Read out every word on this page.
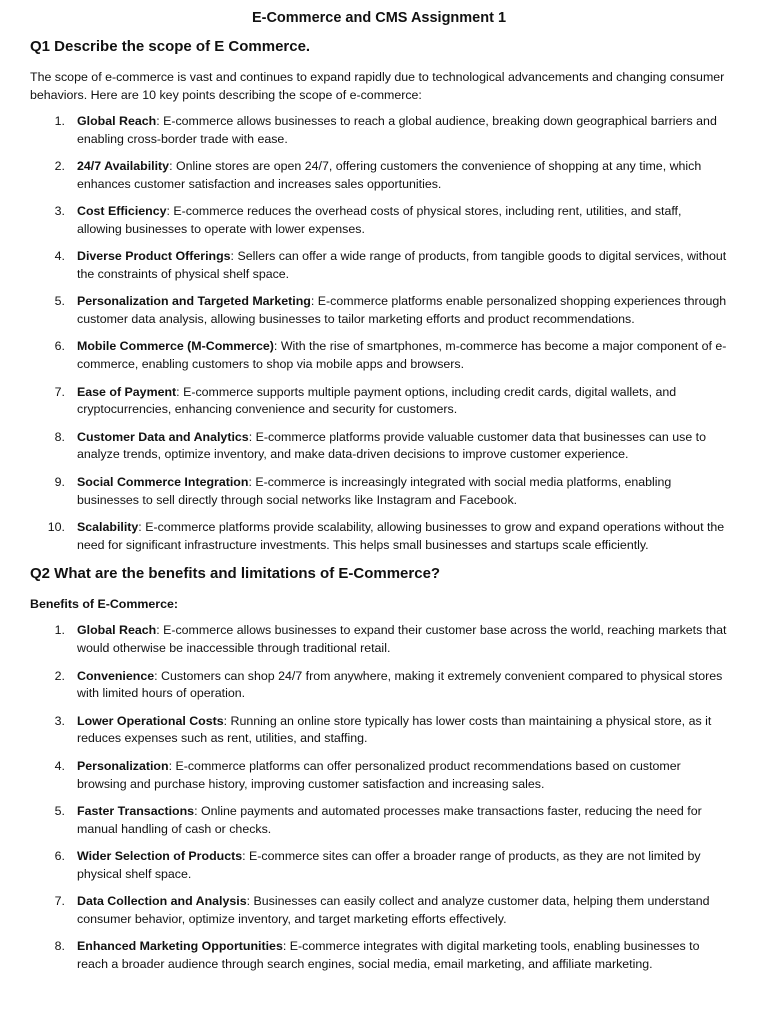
E-Commerce and CMS Assignment 1
Q1 Describe the scope of E Commerce.

The scope of e-commerce is vast and continues to expand rapidly due to technological advancements and changing consumer behaviors. Here are 10 key points describing the scope of e-commerce:

1. Global Reach: E-commerce allows businesses to reach a global audience, breaking down geographical barriers and enabling cross-border trade with ease.
2. 24/7 Availability: Online stores are open 24/7, offering customers the convenience of shopping at any time, which enhances customer satisfaction and increases sales opportunities.
3. Cost Efficiency: E-commerce reduces the overhead costs of physical stores, including rent, utilities, and staff, allowing businesses to operate with lower expenses.
4. Diverse Product Offerings: Sellers can offer a wide range of products, from tangible goods to digital services, without the constraints of physical shelf space.
5. Personalization and Targeted Marketing: E-commerce platforms enable personalized shopping experiences through customer data analysis, allowing businesses to tailor marketing efforts and product recommendations.
6. Mobile Commerce (M-Commerce): With the rise of smartphones, m-commerce has become a major component of e-commerce, enabling customers to shop via mobile apps and browsers.
7. Ease of Payment: E-commerce supports multiple payment options, including credit cards, digital wallets, and cryptocurrencies, enhancing convenience and security for customers.
8. Customer Data and Analytics: E-commerce platforms provide valuable customer data that businesses can use to analyze trends, optimize inventory, and make data-driven decisions to improve customer experience.
9. Social Commerce Integration: E-commerce is increasingly integrated with social media platforms, enabling businesses to sell directly through social networks like Instagram and Facebook.
10. Scalability: E-commerce platforms provide scalability, allowing businesses to grow and expand operations without the need for significant infrastructure investments. This helps small businesses and startups scale efficiently.
Q2 What are the benefits and limitations of E-Commerce?
Benefits of E-Commerce:
1. Global Reach: E-commerce allows businesses to expand their customer base across the world, reaching markets that would otherwise be inaccessible through traditional retail.
2. Convenience: Customers can shop 24/7 from anywhere, making it extremely convenient compared to physical stores with limited hours of operation.
3. Lower Operational Costs: Running an online store typically has lower costs than maintaining a physical store, as it reduces expenses such as rent, utilities, and staffing.
4. Personalization: E-commerce platforms can offer personalized product recommendations based on customer browsing and purchase history, improving customer satisfaction and increasing sales.
5. Faster Transactions: Online payments and automated processes make transactions faster, reducing the need for manual handling of cash or checks.
6. Wider Selection of Products: E-commerce sites can offer a broader range of products, as they are not limited by physical shelf space.
7. Data Collection and Analysis: Businesses can easily collect and analyze customer data, helping them understand consumer behavior, optimize inventory, and target marketing efforts effectively.
8. Enhanced Marketing Opportunities: E-commerce integrates with digital marketing tools, enabling businesses to reach a broader audience through search engines, social media, email marketing, and affiliate marketing.
